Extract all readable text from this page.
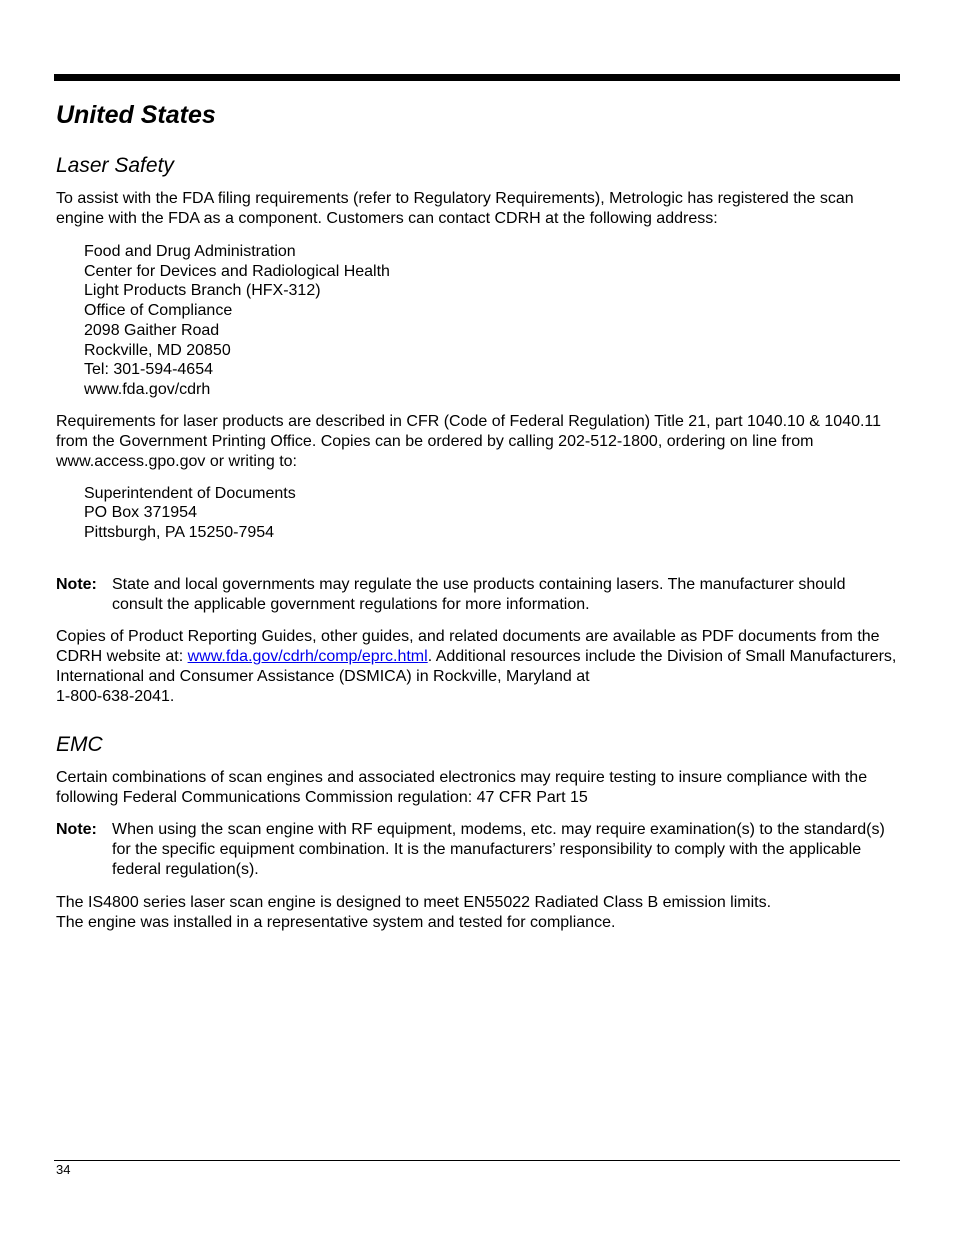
United States
Laser Safety

To assist with the FDA filing requirements (refer to Regulatory Requirements), Metrologic has registered the scan engine with the FDA as a component. Customers can contact CDRH at the following address:

Food and Drug Administration
Center for Devices and Radiological Health
Light Products Branch (HFX-312)
Office of Compliance
2098 Gaither Road
Rockville, MD 20850
Tel: 301-594-4654
www.fda.gov/cdrh

Requirements for laser products are described in CFR (Code of Federal Regulation) Title 21, part 1040.10 & 1040.11 from the Government Printing Office. Copies can be ordered by calling 202-512-1800, ordering on line from www.access.gpo.gov or writing to:

Superintendent of Documents
PO Box 371954
Pittsburgh, PA 15250-7954
Note: State and local governments may regulate the use products containing lasers. The manufacturer should consult the applicable government regulations for more information.

Copies of Product Reporting Guides, other guides, and related documents are available as PDF documents from the CDRH website at: www.fda.gov/cdrh/comp/eprc.html. Additional resources include the Division of Small Manufacturers, International and Consumer Assistance (DSMICA) in Rockville, Maryland at
1-800-638-2041.

EMC

Certain combinations of scan engines and associated electronics may require testing to insure compliance with the following Federal Communications Commission regulation: 47 CFR Part 15

Note: When using the scan engine with RF equipment, modems, etc. may require examination(s) to the standard(s) for the specific equipment combination. It is the manufacturers’ responsibility to comply with the applicable federal regulation(s).

The IS4800 series laser scan engine is designed to meet EN55022 Radiated Class B emission limits.
The engine was installed in a representative system and tested for compliance.

34
